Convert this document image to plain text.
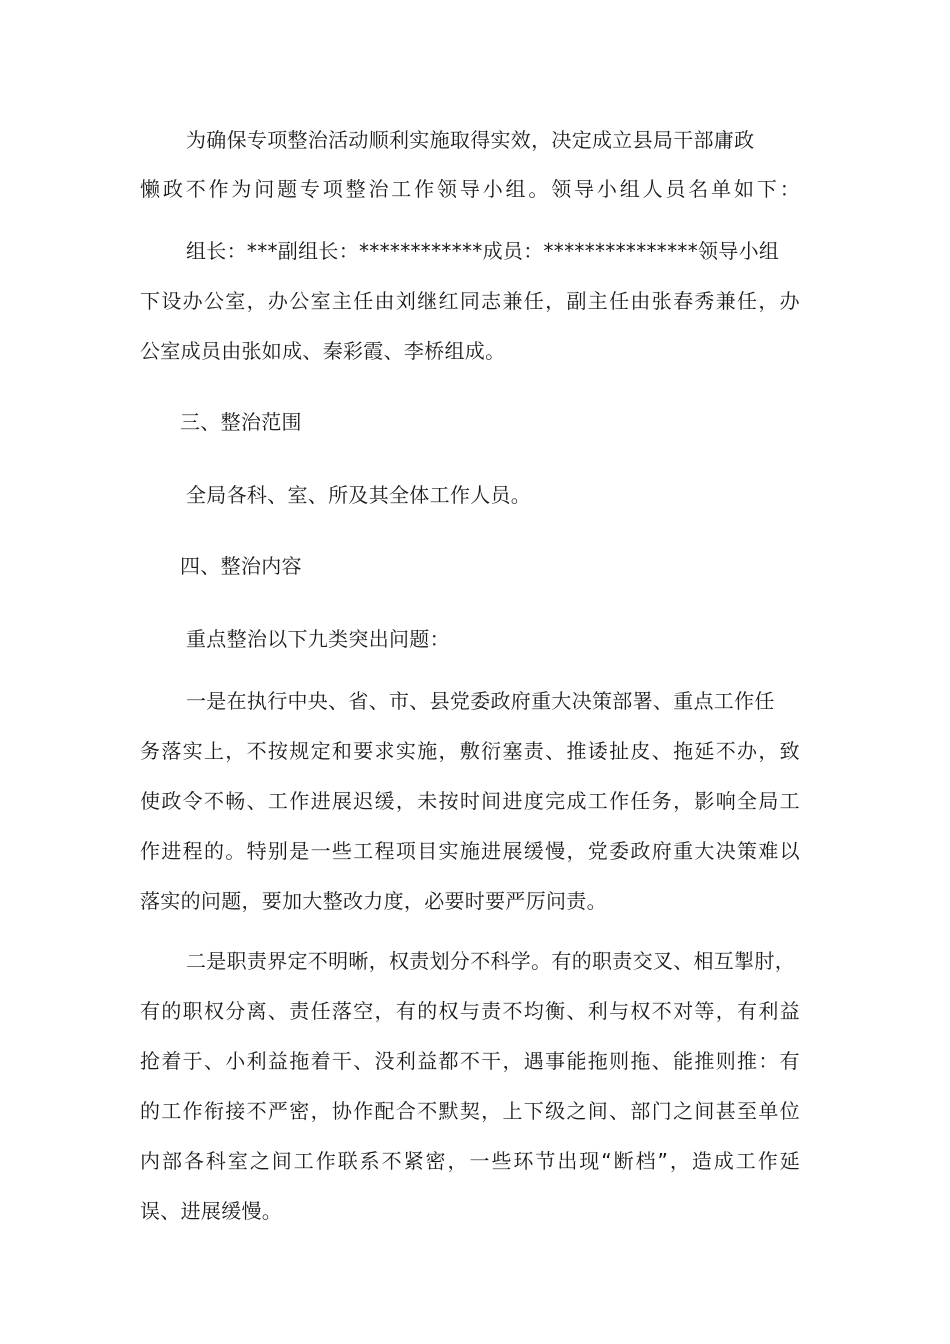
为确保专项整治活动顺利实施取得实效，决定成立县局干部庸政
懒政不作为问题专项整治工作领导小组。领导小组人员名单如下：
组长：***副组长：************成员：***************领导小组
下设办公室，办公室主任由刘继红同志兼任，副主任由张春秀兼任，办
公室成员由张如成、秦彩霞、李桥组成。
三、整治范围
全局各科、室、所及其全体工作人员。
四、整治内容
重点整治以下九类突出问题：
一是在执行中央、省、市、县党委政府重大决策部署、重点工作任
务落实上，不按规定和要求实施，敷衍塞责、推诿扯皮、拖延不办，致
使政令不畅、工作进展迟缓，未按时间进度完成工作任务，影响全局工
作进程的。特别是一些工程项目实施进展缓慢，党委政府重大决策难以
落实的问题，要加大整改力度，必要时要严厉问责。
二是职责界定不明晰，权责划分不科学。有的职责交叉、相互掣肘，
有的职权分离、责任落空，有的权与责不均衡、利与权不对等，有利益
抢着于、小利益拖着干、没利益都不干，遇事能拖则拖、能推则推：有
的工作衔接不严密，协作配合不默契，上下级之间、部门之间甚至单位
内部各科室之间工作联系不紧密，一些环节出现“断档”，造成工作延
误、进展缓慢。
